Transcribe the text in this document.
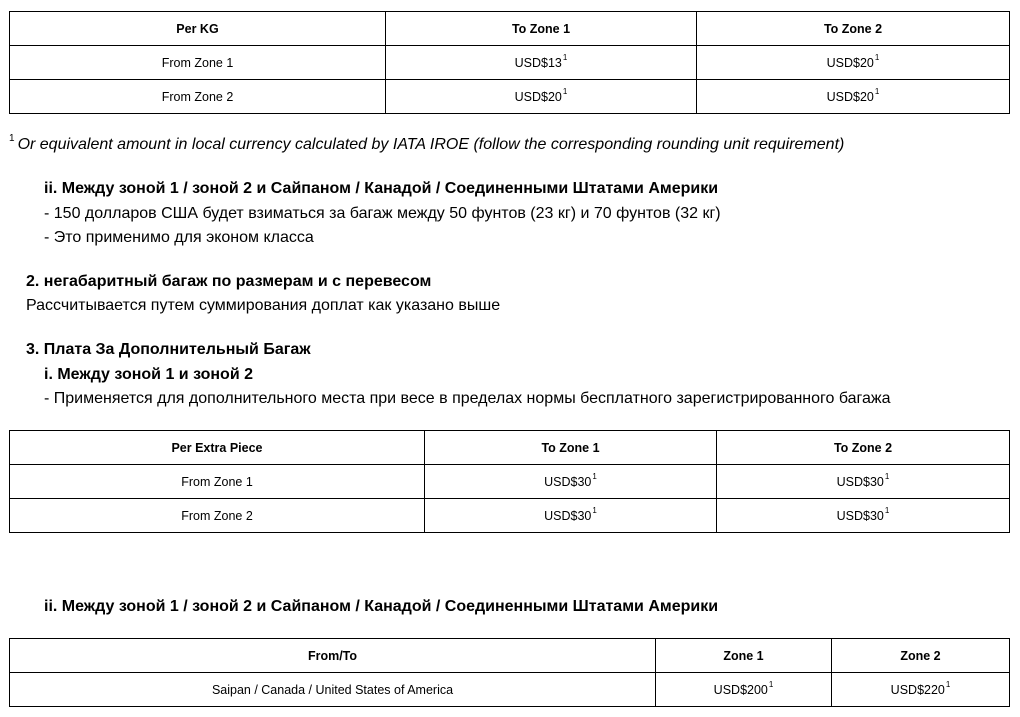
Per KG	To Zone 1	To Zone 2
From Zone 1	USD$13$^1$	USD$20$^1$
From Zone 2	USD$20$^1$	USD$20$^1$
$^1$ Or equivalent amount in local currency calculated by IATA IROE (follow the corresponding rounding unit requirement)
ii. Между зоной 1 / зоной 2 и Сайпаном / Канадой / Соединенными Штатами Америки
- 150 долларов США будет взиматься за багаж между 50 фунтов (23 кг) и 70 фунтов (32 кг)
- Это применимо для эконом класса
2. негабаритный багаж по размерам и с перевесом
Рассчитывается путем суммирования доплат как указано выше
3. Плата За Дополнительный Багаж
i. Между зоной 1 и зоной 2
- Применяется для дополнительного места при весе в пределах нормы бесплатного зарегистрированного багажа
Per Extra Piece	To Zone 1	To Zone 2
From Zone 1	USD$30$^1$	USD$30$^1$
From Zone 2	USD$30$^1$	USD$30$^1$
ii. Между зоной 1 / зоной 2 и Сайпаном / Канадой / Соединенными Штатами Америки
From/To	Zone 1	Zone 2
Saipan / Canada / United States of America	USD$200$^1$	USD$220$^1$
